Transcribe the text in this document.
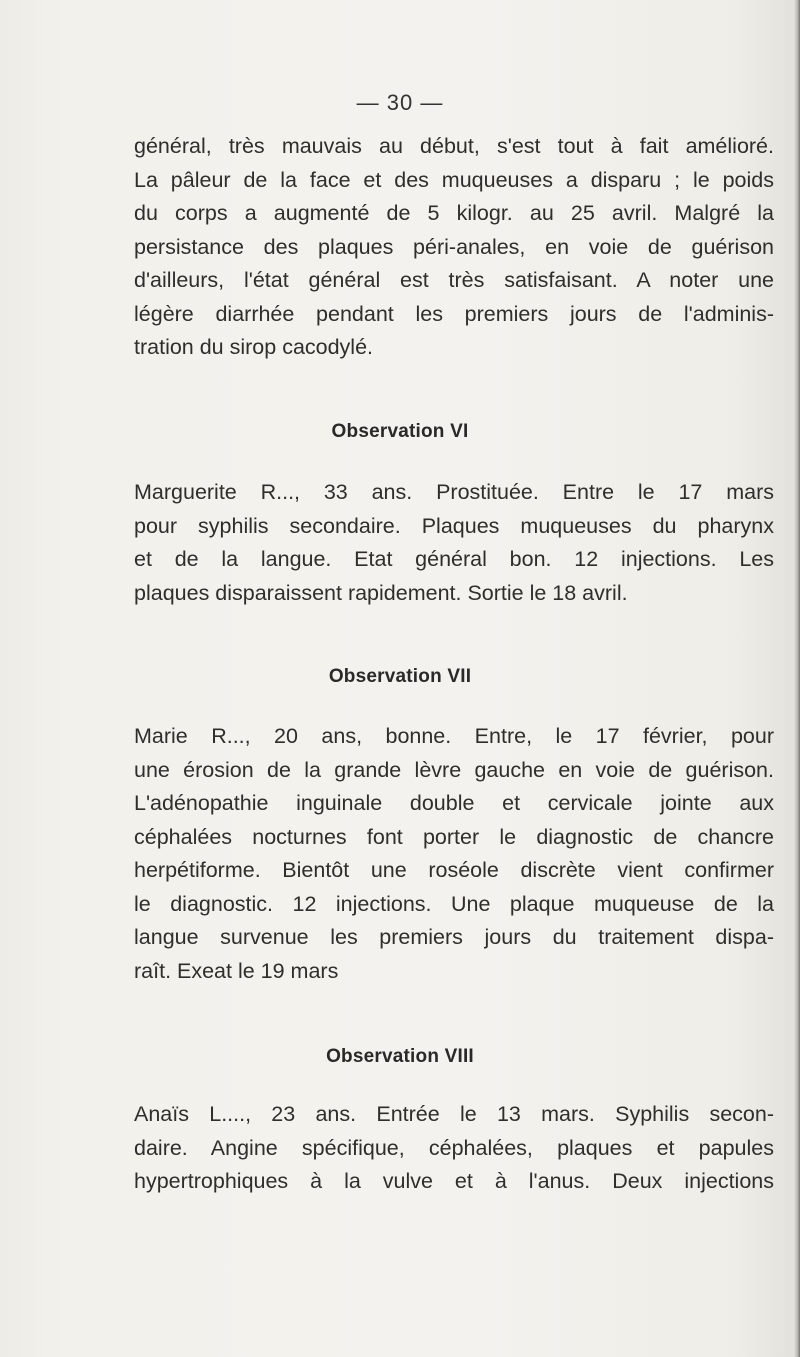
— 30 —
général, très mauvais au début, s'est tout à fait amélioré.
La pâleur de la face et des muqueuses a disparu ; le poids
du corps a augmenté de 5 kilogr. au 25 avril. Malgré la
persistance des plaques péri-anales, en voie de guérison
d'ailleurs, l'état général est très satisfaisant. A noter une
légère diarrhée pendant les premiers jours de l'adminis-
tration du sirop cacodylé.
Observation VI
Marguerite R..., 33 ans. Prostituée. Entre le 17 mars
pour syphilis secondaire. Plaques muqueuses du pharynx
et de la langue. Etat général bon. 12 injections. Les
plaques disparaissent rapidement. Sortie le 18 avril.
Observation VII
Marie R..., 20 ans, bonne. Entre, le 17 février, pour
une érosion de la grande lèvre gauche en voie de guérison.
L'adénopathie inguinale double et cervicale jointe aux
céphalées nocturnes font porter le diagnostic de chancre
herpétiforme. Bientôt une roséole discrète vient confirmer
le diagnostic. 12 injections. Une plaque muqueuse de la
langue survenue les premiers jours du traitement dispa-
raît. Exeat le 19 mars
Observation VIII
Anaïs L...., 23 ans. Entrée le 13 mars. Syphilis secon-
daire. Angine spécifique, céphalées, plaques et papules
hypertrophiques à la vulve et à l'anus. Deux injections
